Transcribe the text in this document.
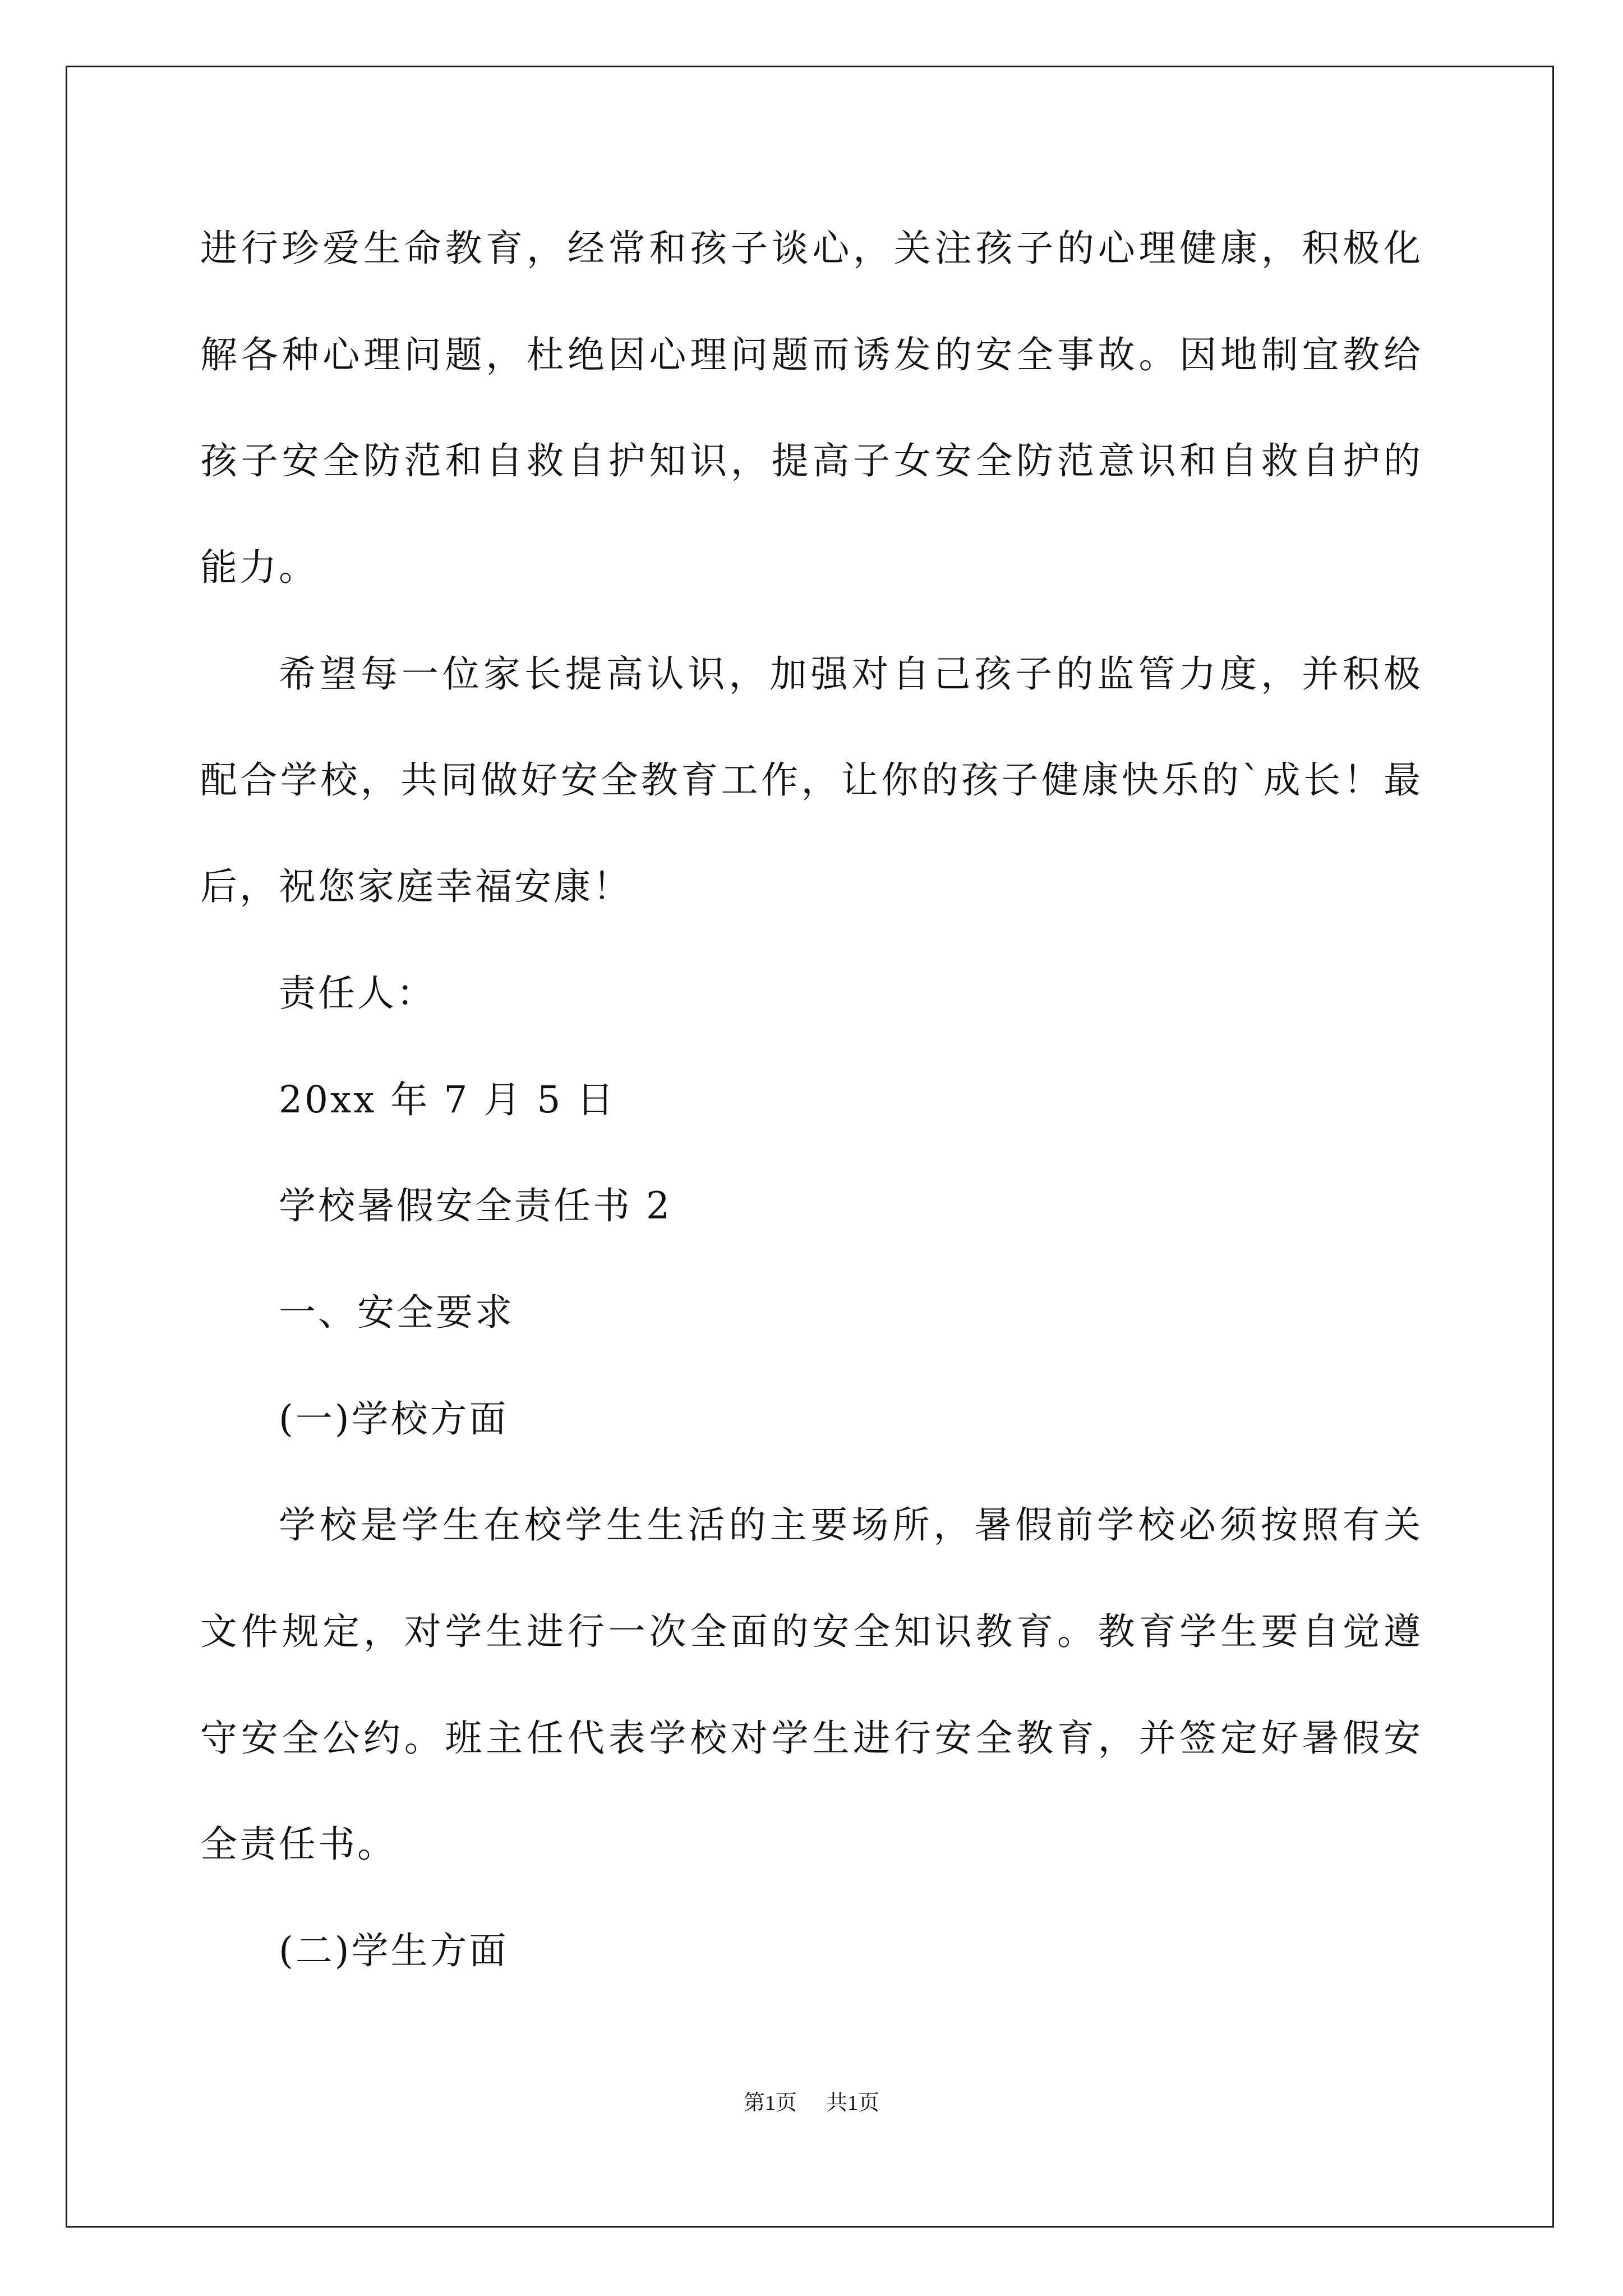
进行珍爱生命教育，经常和孩子谈心，关注孩子的心理健康，积极化
解各种心理问题，杜绝因心理问题而诱发的安全事故。因地制宜教给
孩子安全防范和自救自护知识，提高子女安全防范意识和自救自护的
能力。
希望每一位家长提高认识，加强对自己孩子的监管力度，并积极
配合学校，共同做好安全教育工作，让你的孩子健康快乐的`成长！最
后，祝您家庭幸福安康！
责任人：
20xx 年 7 月 5 日
学校暑假安全责任书 2
一、安全要求
(一)学校方面
学校是学生在校学生生活的主要场所，暑假前学校必须按照有关
文件规定，对学生进行一次全面的安全知识教育。教育学生要自觉遵
守安全公约。班主任代表学校对学生进行安全教育，并签定好暑假安
全责任书。
(二)学生方面
第1页 共1页
